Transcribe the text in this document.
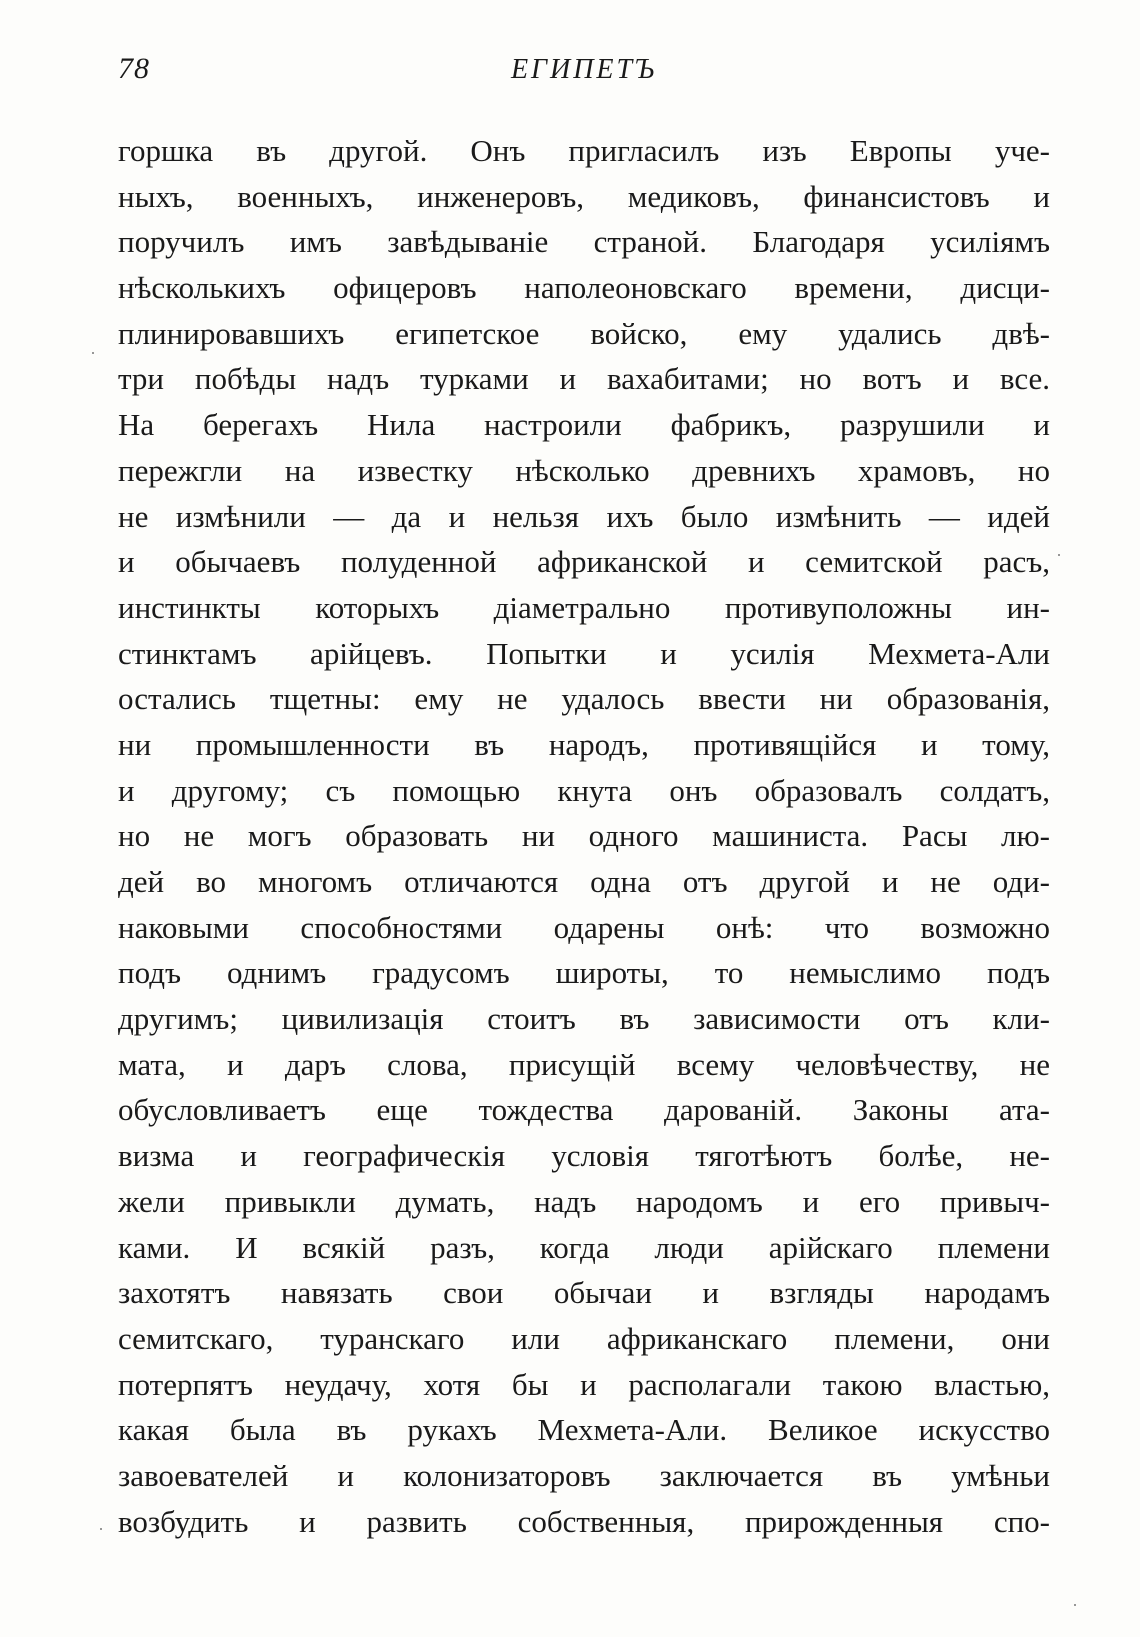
78	ЕГИПЕТЪ
горшка въ другой. Онъ пригласилъ изъ Европы уче-
ныхъ, военныхъ, инженеровъ, медиковъ, финансистовъ и
поручилъ имъ завѣдываніе страной. Благодаря усиліямъ
нѣсколькихъ офицеровъ наполеоновскаго времени, дисци-
плинировавшихъ египетское войско, ему удались двѣ-
три побѣды надъ турками и вахабитами; но вотъ и все.
На берегахъ Нила настроили фабрикъ, разрушили и
пережгли на известку нѣсколько древнихъ храмовъ, но
не измѣнили — да и нельзя ихъ было измѣнить — идей
и обычаевъ полуденной африканской и семитской расъ,
инстинкты которыхъ діаметрально противуположны ин-
стинктамъ арійцевъ. Попытки и усилія Мехмета-Али
остались тщетны: ему не удалось ввести ни образованія,
ни промышленности въ народъ, противящійся и тому,
и другому; съ помощью кнута онъ образовалъ солдатъ,
но не могъ образовать ни одного машиниста. Расы лю-
дей во многомъ отличаются одна отъ другой и не оди-
наковыми способностями одарены онѣ: что возможно
подъ однимъ градусомъ широты, то немыслимо подъ
другимъ; цивилизація стоитъ въ зависимости отъ кли-
мата, и даръ слова, присущій всему человѣчеству, не
обусловливаетъ еще тождества дарованій. Законы ата-
визма и географическія условія тяготѣютъ болѣе, не-
жели привыкли думать, надъ народомъ и его привыч-
ками. И всякій разъ, когда люди арійскаго племени
захотятъ навязать свои обычаи и взгляды народамъ
семитскаго, туранскаго или африканскаго племени, они
потерпятъ неудачу, хотя бы и располагали такою властью,
какая была въ рукахъ Мехмета-Али. Великое искусство
завоевателей и колонизаторовъ заключается въ умѣньи
возбудить и развить собственныя, прирожденныя спо-
